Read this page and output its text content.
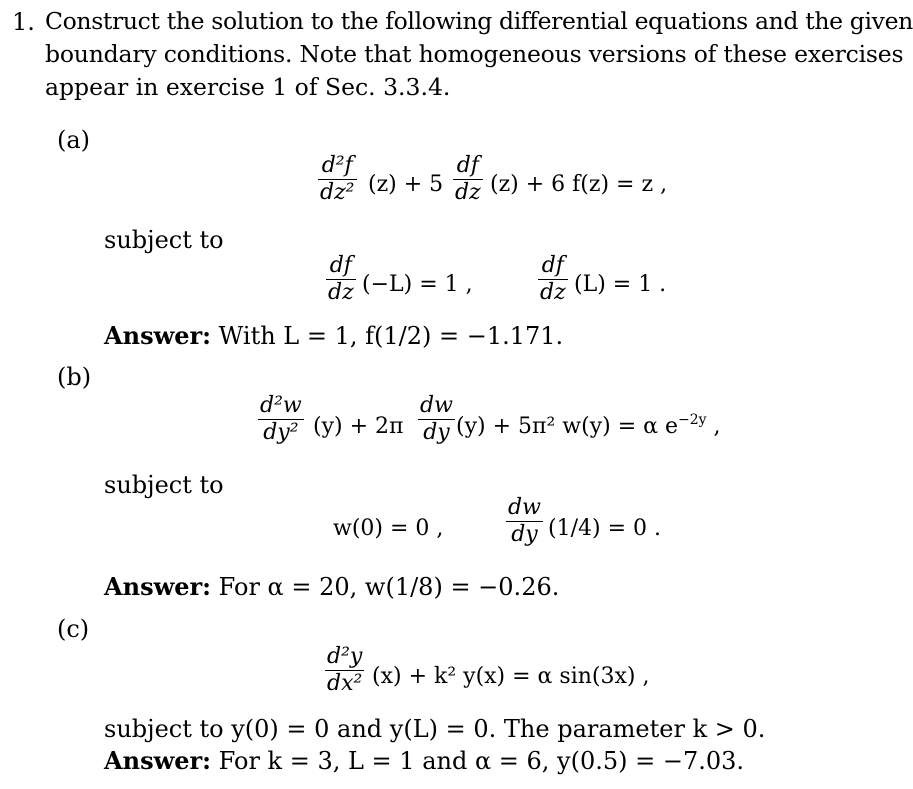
1. Construct the solution to the following differential equations and the given
boundary conditions. Note that homogeneous versions of these exercises
appear in exercise 1 of Sec. 3.3.4.
(a)
d²f
dz² (z) + 5
df
dz (z) + 6 f(z) = z ,
subject to
df
dz (−L) = 1 ,
df
dz (L) = 1 .
Answer: With L = 1, f(1/2) = −1.171.
(b)
d²w
dy² (y) + 2π
dw
dy (y) + 5π² w(y) = α $e^{-2y}$ ,
subject to
w(0) = 0 ,
dw
dy (1/4) = 0 .
Answer: For α = 20, w(1/8) = −0.26.
(c)
d²y
dx² (x) + k² y(x) = α sin(3x) ,
subject to y(0) = 0 and y(L) = 0. The parameter k > 0.
Answer: For k = 3, L = 1 and α = 6, y(0.5) = −7.03.
